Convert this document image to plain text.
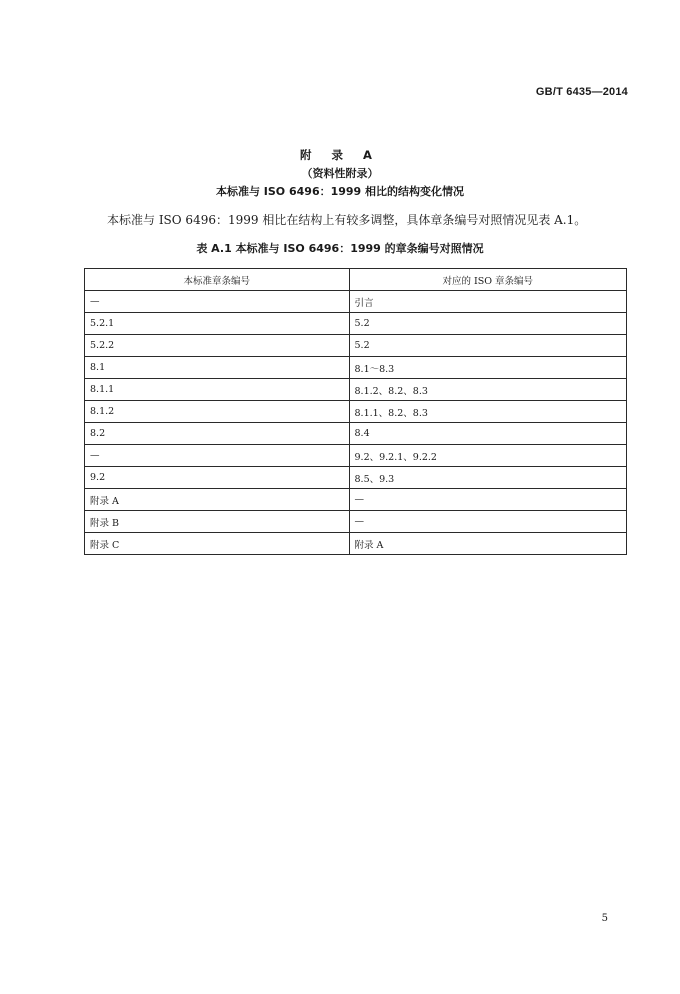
GB/T 6435—2014
附 录 A
（资料性附录）
本标准与 ISO 6496：1999 相比的结构变化情况
本标准与 ISO 6496：1999 相比在结构上有较多调整，具体章条编号对照情况见表 A.1。
表 A.1 本标准与 ISO 6496：1999 的章条编号对照情况
本标准章条编号	对应的 ISO 章条编号
—	引言
5.2.1	5.2
5.2.2	5.2
8.1	8.1～8.3
8.1.1	8.1.2、8.2、8.3
8.1.2	8.1.1、8.2、8.3
8.2	8.4
—	9.2、9.2.1、9.2.2
9.2	8.5、9.3
附录 A	—
附录 B	—
附录 C	附录 A
5
